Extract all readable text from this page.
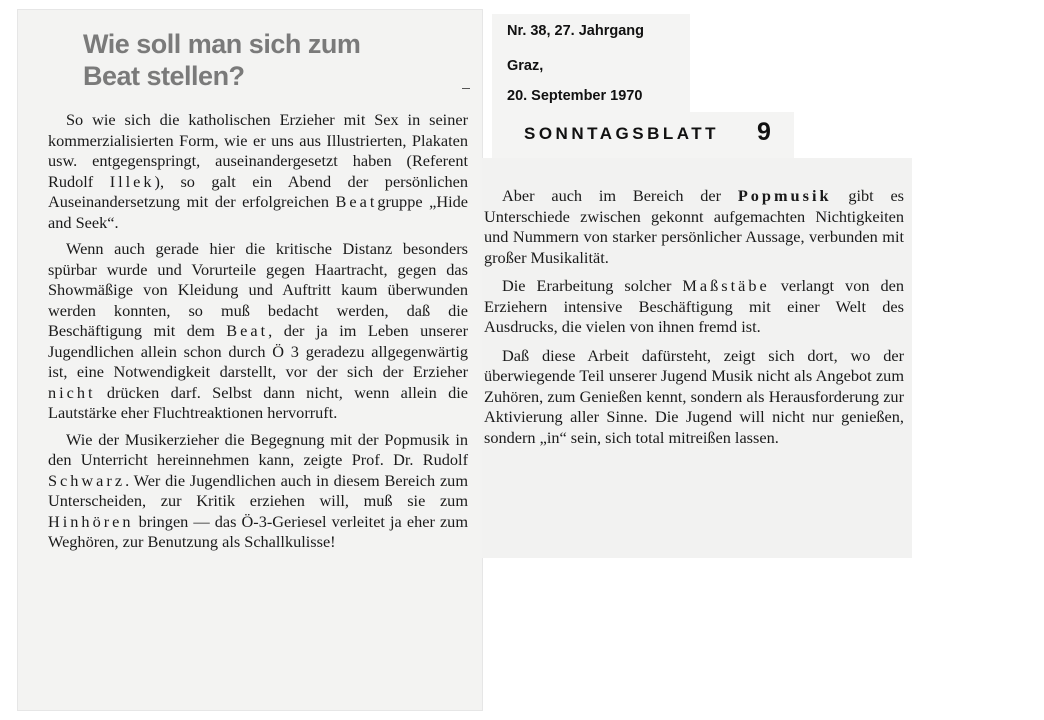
Wie soll man sich zum
Beat stellen?

So wie sich die katholischen Erzieher mit Sex in seiner kommerzialisierten Form, wie er uns aus Illustrierten, Plakaten usw. entgegenspringt, auseinandergesetzt haben (Referent Rudolf Illek), so galt ein Abend der persönlichen Auseinandersetzung mit der erfolgreichen Beatgruppe „Hide and Seek“.

Wenn auch gerade hier die kritische Distanz besonders spürbar wurde und Vorurteile gegen Haartracht, gegen das Showmäßige von Kleidung und Auftritt kaum überwunden werden konnten, so muß bedacht werden, daß die Beschäftigung mit dem Beat, der ja im Leben unserer Jugendlichen allein schon durch Ö 3 geradezu allgegenwärtig ist, eine Notwendigkeit darstellt, vor der sich der Erzieher nicht drücken darf. Selbst dann nicht, wenn allein die Lautstärke eher Fluchtreaktionen hervorruft.

Wie der Musikerzieher die Begegnung mit der Popmusik in den Unterricht hereinnehmen kann, zeigte Prof. Dr. Rudolf Schwarz. Wer die Jugendlichen auch in diesem Bereich zum Unterscheiden, zur Kritik erziehen will, muß sie zum Hinhören bringen — das Ö-3-Geriesel verleitet ja eher zum Weghören, zur Benutzung als Schallkulisse!

Nr. 38, 27. Jahrgang
Graz,
20. September 1970
SONNTAGSBLATT 9

Aber auch im Bereich der Popmusik gibt es Unterschiede zwischen gekonnt aufgemachten Nichtigkeiten und Nummern von starker persönlicher Aussage, verbunden mit großer Musikalität.

Die Erarbeitung solcher Maßstäbe verlangt von den Erziehern intensive Beschäftigung mit einer Welt des Ausdrucks, die vielen von ihnen fremd ist.

Daß diese Arbeit dafürsteht, zeigt sich dort, wo der überwiegende Teil unserer Jugend Musik nicht als Angebot zum Zuhören, zum Genießen kennt, sondern als Herausforderung zur Aktivierung aller Sinne. Die Jugend will nicht nur genießen, sondern „in“ sein, sich total mitreißen lassen.
